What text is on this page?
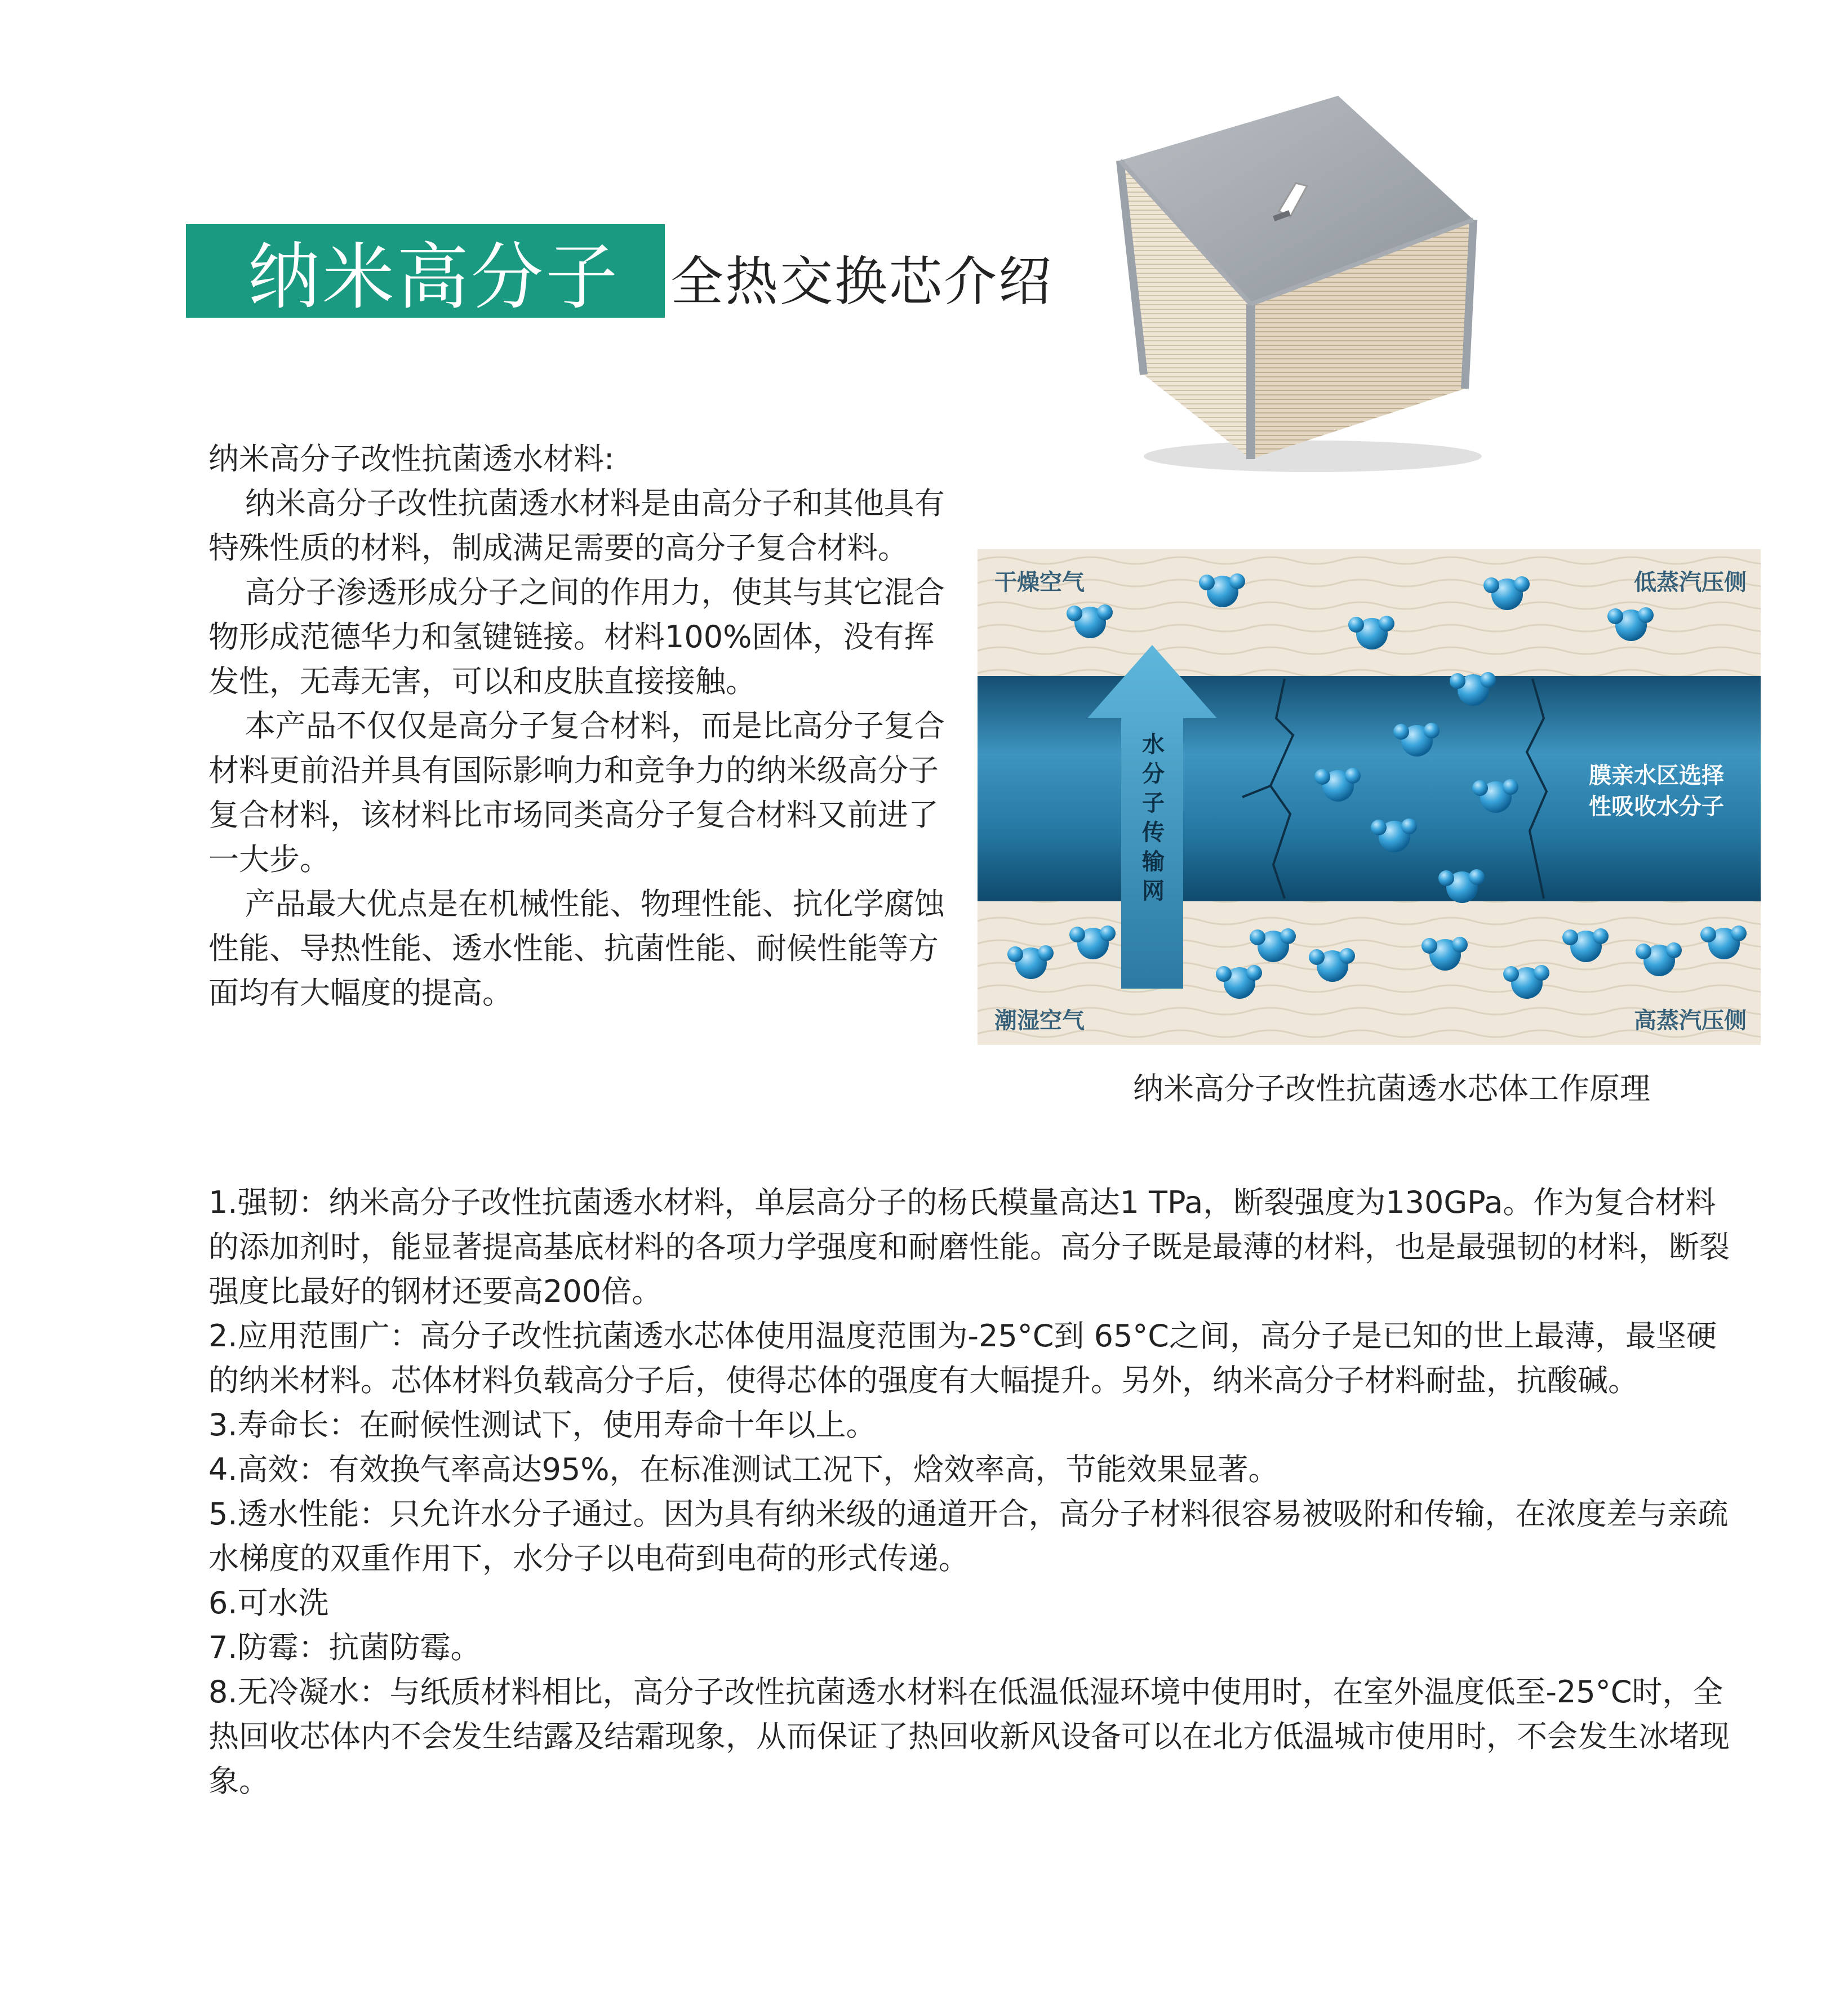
纳米高分子 全热交换芯介绍

纳米高分子改性抗菌透水材料:

纳米高分子改性抗菌透水材料是由高分子和其他具有特殊性质的材料，制成满足需要的高分子复合材料。

高分子渗透形成分子之间的作用力，使其与其它混合物形成范德华力和氢键链接。材料100%固体，没有挥发性，无毒无害，可以和皮肤直接接触。

本产品不仅仅是高分子复合材料，而是比高分子复合材料更前沿并具有国际影响力和竞争力的纳米级高分子复合材料，该材料比市场同类高分子复合材料又前进了一大步。

产品最大优点是在机械性能、物理性能、抗化学腐蚀性能、导热性能、透水性能、抗菌性能、耐候性能等方面均有大幅度的提高。

水分子传输网
干燥空气	低蒸汽压侧
潮湿空气	高蒸汽压侧
膜亲水区选择
性吸收水分子
纳米高分子改性抗菌透水芯体工作原理

1.强韧：纳米高分子改性抗菌透水材料，单层高分子的杨氏模量高达1 TPa，断裂强度为130GPa。作为复合材料的添加剂时，能显著提高基底材料的各项力学强度和耐磨性能。高分子既是最薄的材料，也是最强韧的材料，断裂强度比最好的钢材还要高200倍。

2.应用范围广：高分子改性抗菌透水芯体使用温度范围为-25°C到 65°C之间，高分子是已知的世上最薄，最坚硬的纳米材料。芯体材料负载高分子后，使得芯体的强度有大幅提升。另外，纳米高分子材料耐盐，抗酸碱。

3.寿命长：在耐候性测试下，使用寿命十年以上。

4.高效：有效换气率高达95%，在标准测试工况下，焓效率高，节能效果显著。

5.透水性能：只允许水分子通过。因为具有纳米级的通道开合，高分子材料很容易被吸附和传输，在浓度差与亲疏水梯度的双重作用下，水分子以电荷到电荷的形式传递。

6.可水洗

7.防霉：抗菌防霉。

8.无冷凝水：与纸质材料相比，高分子改性抗菌透水材料在低温低湿环境中使用时，在室外温度低至-25°C时，全热回收芯体内不会发生结露及结霜现象，从而保证了热回收新风设备可以在北方低温城市使用时，不会发生冰堵现象。
